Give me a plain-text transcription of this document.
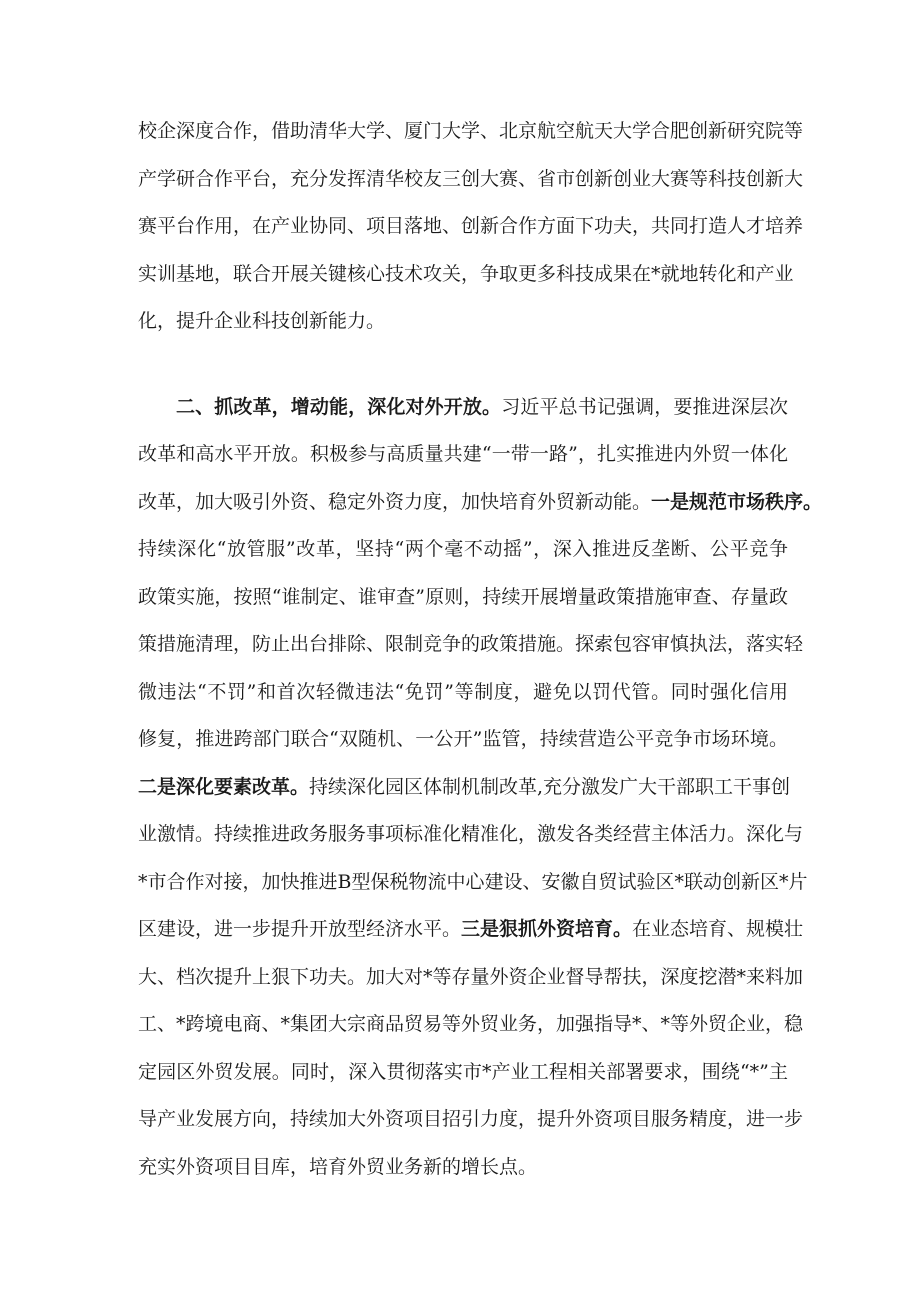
校企深度合作，借助清华大学、厦门大学、北京航空航天大学合肥创新研究院等
产学研合作平台，充分发挥清华校友三创大赛、省市创新创业大赛等科技创新大
赛平台作用，在产业协同、项目落地、创新合作方面下功夫，共同打造人才培养
实训基地，联合开展关键核心技术攻关，争取更多科技成果在*就地转化和产业
化，提升企业科技创新能力。
二、抓改革，增动能，深化对外开放。习近平总书记强调，要推进深层次
改革和高水平开放。积极参与高质量共建“一带一路”，扎实推进内外贸一体化
改革，加大吸引外资、稳定外资力度，加快培育外贸新动能。一是规范市场秩序。
持续深化“放管服”改革，坚持“两个毫不动摇”，深入推进反垄断、公平竞争
政策实施，按照“谁制定、谁审查”原则，持续开展增量政策措施审查、存量政
策措施清理，防止出台排除、限制竞争的政策措施。探索包容审慎执法，落实轻
微违法“不罚”和首次轻微违法“免罚”等制度，避免以罚代管。同时强化信用
修复，推进跨部门联合“双随机、一公开”监管，持续营造公平竞争市场环境。
二是深化要素改革。持续深化园区体制机制改革,充分激发广大干部职工干事创
业激情。持续推进政务服务事项标准化精准化，激发各类经营主体活力。深化与
*市合作对接，加快推进B型保税物流中心建设、安徽自贸试验区*联动创新区*片
区建设，进一步提升开放型经济水平。三是狠抓外资培育。在业态培育、规模壮
大、档次提升上狠下功夫。加大对*等存量外资企业督导帮扶，深度挖潜*来料加
工、*跨境电商、*集团大宗商品贸易等外贸业务，加强指导*、*等外贸企业，稳
定园区外贸发展。同时，深入贯彻落实市*产业工程相关部署要求，围绕“*”主
导产业发展方向，持续加大外资项目招引力度，提升外资项目服务精度，进一步
充实外资项目目库，培育外贸业务新的增长点。
